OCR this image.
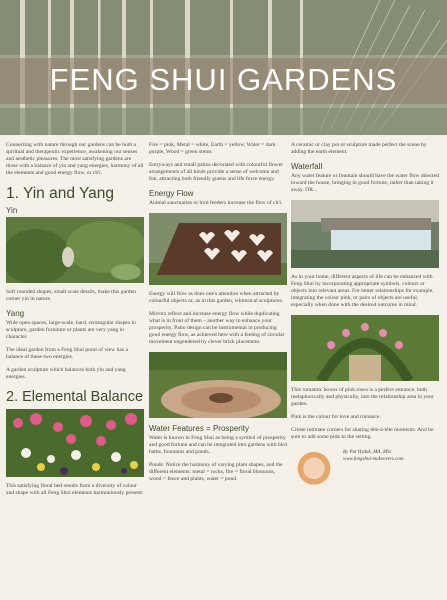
FENG SHUI GARDENS

Connecting with nature through our gardens can be both a spiritual and therapeutic experience, awakening our senses and aesthetic pleasures. The most satisfying gardens are those with a balance of yin and yang energies, harmony of all the elements and good energy flow, or ch'i.

1. Yin and Yang
Yin

Soft rounded shapes, small scale details, make this garden corner yin in nature.

Yang

Wide open spaces, large-scale, hard, rectangular shapes in sculpture, garden furniture or plants are very yang in character.

The ideal garden from a Feng Shui point of view has a balance of these two energies.

A garden sculpture which balances both yin and yang energies.

2. Elemental Balance

This satisfying floral bed results from a diversity of colour and shape with all Feng Shui elements harmoniously present:

Fire = pink, Metal = white, Earth = yellow, Water = dark purple, Wood = green stems

Entryways and small patios decorated with colourful flower arrangements of all kinds provide a sense of welcome and fun, attracting both friendly guests and life force energy.

Energy Flow

Animal sanctuaries or bird feeders increase the flow of ch'i.

Energy will flow as does one's attention when attracted by colourful objects or, as in this garden, whimsical sculptures.

Mirrors reflect and increase energy flow while duplicating what is in front of them – another way to enhance your prosperity. Patio design can be instrumental in producing good energy flow, as achieved here with a feeling of circular movement engendered by clever brick placement.

Water Features = Prosperity

Water is known in Feng Shui as being a symbol of prosperity and good fortune and can be integrated into gardens with bird baths, fountains and ponds.

Ponds: Notice the harmony of varying plant shapes, and the different elements: metal = rocks, fire = floral blossoms, wood = fence and plants, water = pond.

A ceramic or clay pot or sculpture made perfect the scene by adding the earth element.

Waterfall

Any water feature or fountain should have the water flow directed toward the house, bringing in good fortune, rather than taking it away. OR...

As in your home, different aspects of life can be enhanced with Feng Shui by incorporating appropriate symbols, colours or objects into relevant areas. For better relationships for example, integrating the colour pink, or pairs of objects are useful, especially when done with the desired outcome in mind.

This romantic bower of pink roses is a perfect entrance, both metaphorically and physically, into the relationship area in your garden.

Pink is the colour for love and romance.

Create intimate corners for sharing tête-à-tête moments. And be sure to add some pink to the setting.

By Pat Hyduk, MA, MSc
www.fengshui-makeovers.com
